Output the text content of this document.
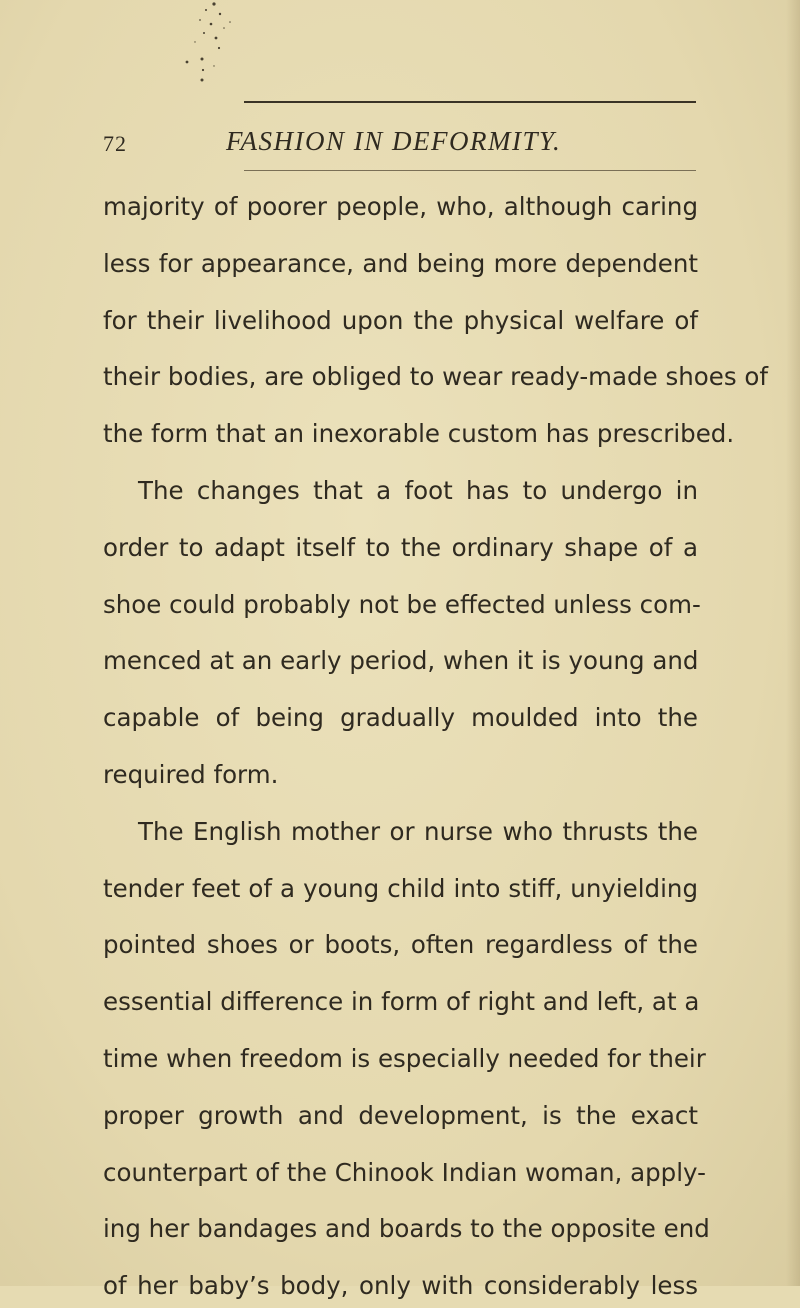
72	FASHION IN DEFORMITY.
majority of poorer people, who, although caring
less for appearance, and being more dependent
for their livelihood upon the physical welfare of
their bodies, are obliged to wear ready-made shoes of
the form that an inexorable custom has prescribed.
The changes that a foot has to undergo in
order to adapt itself to the ordinary shape of a
shoe could probably not be effected unless com-
menced at an early period, when it is young and
capable of being gradually moulded into the
required form.
The English mother or nurse who thrusts the
tender feet of a young child into stiff, unyielding
pointed shoes or boots, often regardless of the
essential difference in form of right and left, at a
time when freedom is especially needed for their
proper growth and development, is the exact
counterpart of the Chinook Indian woman, apply-
ing her bandages and boards to the opposite end
of her baby’s body, only with considerably less
